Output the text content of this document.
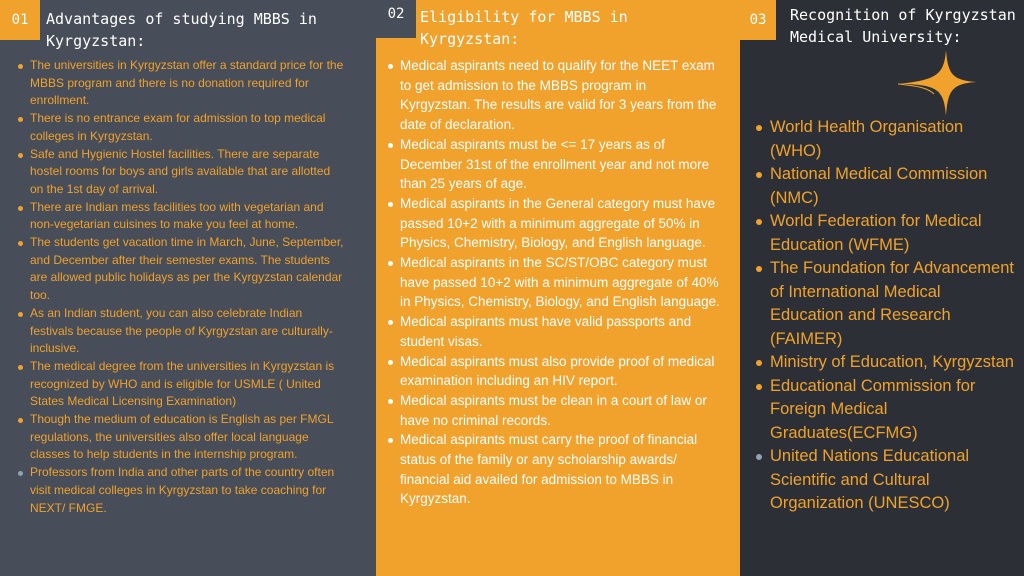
01	Advantages of studying MBBS in Kyrgyzstan:
The universities in Kyrgyzstan offer a standard price for the MBBS program and there is no donation required for enrollment.
There is no entrance exam for admission to top medical colleges in Kyrgyzstan.
Safe and Hygienic Hostel facilities. There are separate hostel rooms for boys and girls available that are allotted on the 1st day of arrival.
There are Indian mess facilities too with vegetarian and non-vegetarian cuisines to make you feel at home.
The students get vacation time in March, June, September, and December after their semester exams. The students are allowed public holidays as per the Kyrgyzstan calendar too.
As an Indian student, you can also celebrate Indian festivals because the people of Kyrgyzstan are culturally-inclusive.
The medical degree from the universities in Kyrgyzstan is recognized by WHO and is eligible for USMLE ( United States Medical Licensing Examination)
Though the medium of education is English as per FMGL regulations, the universities also offer local language classes to help students in the internship program.
Professors from India and other parts of the country often visit medical colleges in Kyrgyzstan to take coaching for NEXT/ FMGE.
02	Eligibility for MBBS in Kyrgyzstan:
Medical aspirants need to qualify for the NEET exam to get admission to the MBBS program in Kyrgyzstan. The results are valid for 3 years from the date of declaration.
Medical aspirants must be <= 17 years as of December 31st of the enrollment year and not more than 25 years of age.
Medical aspirants in the General category must have passed 10+2 with a minimum aggregate of 50% in Physics, Chemistry, Biology, and English language.
Medical aspirants in the SC/ST/OBC category must have passed 10+2 with a minimum aggregate of 40% in Physics, Chemistry, Biology, and English language.
Medical aspirants must have valid passports and student visas.
Medical aspirants must also provide proof of medical examination including an HIV report.
Medical aspirants must be clean in a court of law or have no criminal records.
Medical aspirants must carry the proof of financial status of the family or any scholarship awards/ financial aid availed for admission to MBBS in Kyrgyzstan.
03	Recognition of Kyrgyzstan Medical University:
World Health Organisation (WHO)
National Medical Commission (NMC)
World Federation for Medical Education (WFME)
The Foundation for Advancement of International Medical Education and Research (FAIMER)
Ministry of Education, Kyrgyzstan
Educational Commission for Foreign Medical Graduates(ECFMG)
United Nations Educational Scientific and Cultural Organization (UNESCO)
